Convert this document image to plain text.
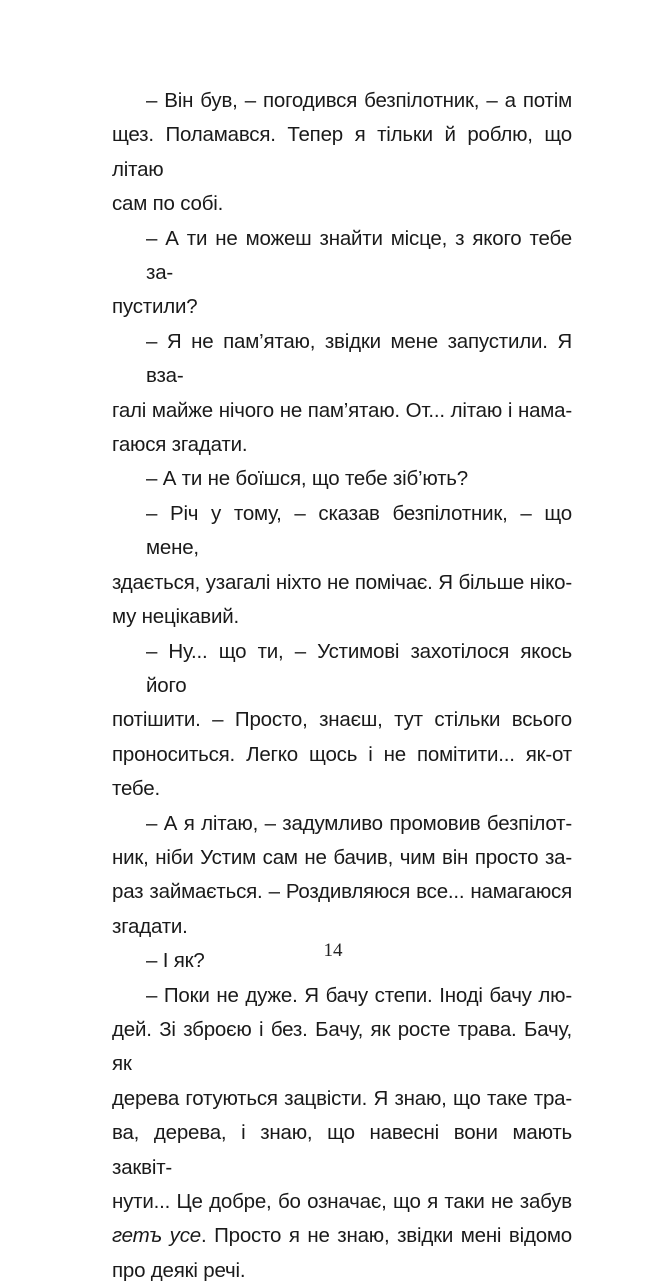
– Він був, – погодився безпілотник, – а потім
щез. Поламався. Тепер я тільки й роблю, що літаю
сам по собі.
– А ти не можеш знайти місце, з якого тебе за-
пустили?
– Я не пам’ятаю, звідки мене запустили. Я вза-
галі майже нічого не пам’ятаю. От... літаю і нама-
гаюся згадати.
– А ти не боїшся, що тебе зіб’ють?
– Річ у тому, – сказав безпілотник, – що мене,
здається, узагалі ніхто не помічає. Я більше ніко-
му нецікавий.
– Ну... що ти, – Устимові захотілося якось його
потішити. – Просто, знаєш, тут стільки всього
проноситься. Легко щось і не помітити... як-от
тебе.
– А я літаю, – задумливо промовив безпілот-
ник, ніби Устим сам не бачив, чим він просто за-
раз займається. – Роздивляюся все... намагаюся
згадати.
– І як?
– Поки не дуже. Я бачу степи. Іноді бачу лю-
дей. Зі зброєю і без. Бачу, як росте трава. Бачу, як
дерева готуються зацвісти. Я знаю, що таке тра-
ва, дерева, і знаю, що навесні вони мають заквіт-
нути... Це добре, бо означає, що я таки не забув
гетъ усе. Просто я не знаю, звідки мені відомо
про деякі речі.
14
